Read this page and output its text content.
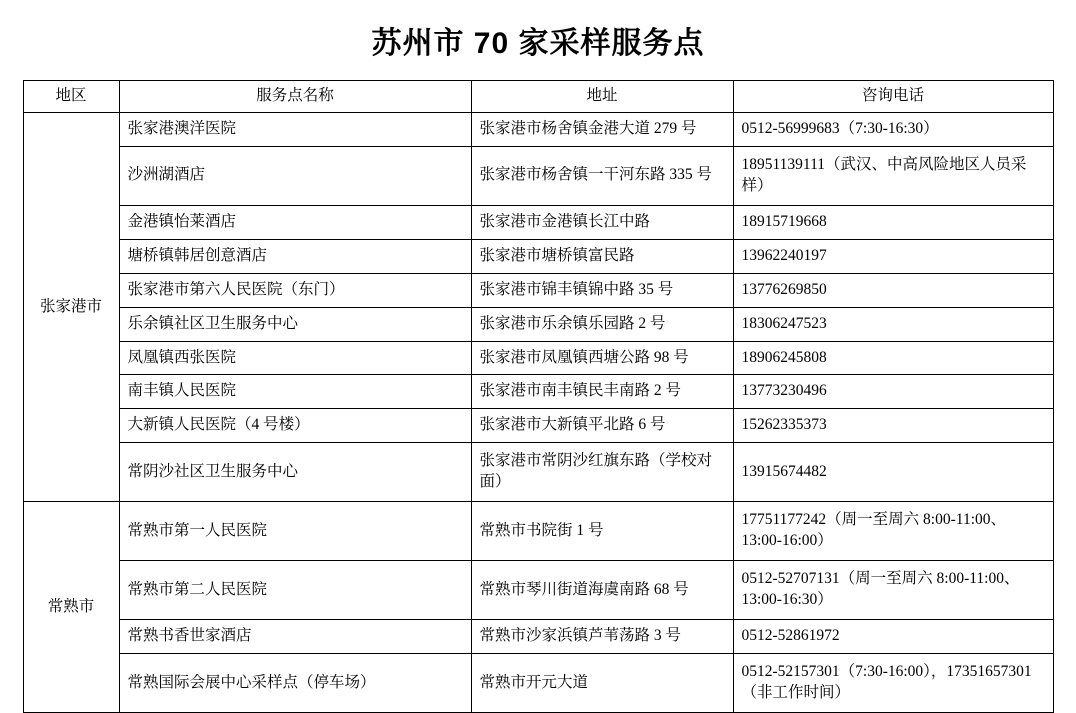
苏州市 70 家采样服务点
地区	服务点名称	地址	咨询电话
张家港市	张家港澳洋医院	张家港市杨舍镇金港大道 279 号	0512-56999683（7:30-16:30）
	沙洲湖酒店	张家港市杨舍镇一干河东路 335 号	18951139111（武汉、中高风险地区人员采样）
	金港镇怡莱酒店	张家港市金港镇长江中路	18915719668
	塘桥镇韩居创意酒店	张家港市塘桥镇富民路	13962240197
	张家港市第六人民医院（东门）	张家港市锦丰镇锦中路 35 号	13776269850
	乐余镇社区卫生服务中心	张家港市乐余镇乐园路 2 号	18306247523
	凤凰镇西张医院	张家港市凤凰镇西塘公路 98 号	18906245808
	南丰镇人民医院	张家港市南丰镇民丰南路 2 号	13773230496
	大新镇人民医院（4 号楼）	张家港市大新镇平北路 6 号	15262335373
	常阴沙社区卫生服务中心	张家港市常阴沙红旗东路（学校对面）	13915674482
常熟市	常熟市第一人民医院	常熟市书院街 1 号	17751177242（周一至周六 8:00-11:00、13:00-16:00）
	常熟市第二人民医院	常熟市琴川街道海虞南路 68 号	0512-52707131（周一至周六 8:00-11:00、13:00-16:30）
	常熟书香世家酒店	常熟市沙家浜镇芦苇荡路 3 号	0512-52861972
	常熟国际会展中心采样点（停车场）	常熟市开元大道	0512-52157301（7:30-16:00），17351657301（非工作时间）
